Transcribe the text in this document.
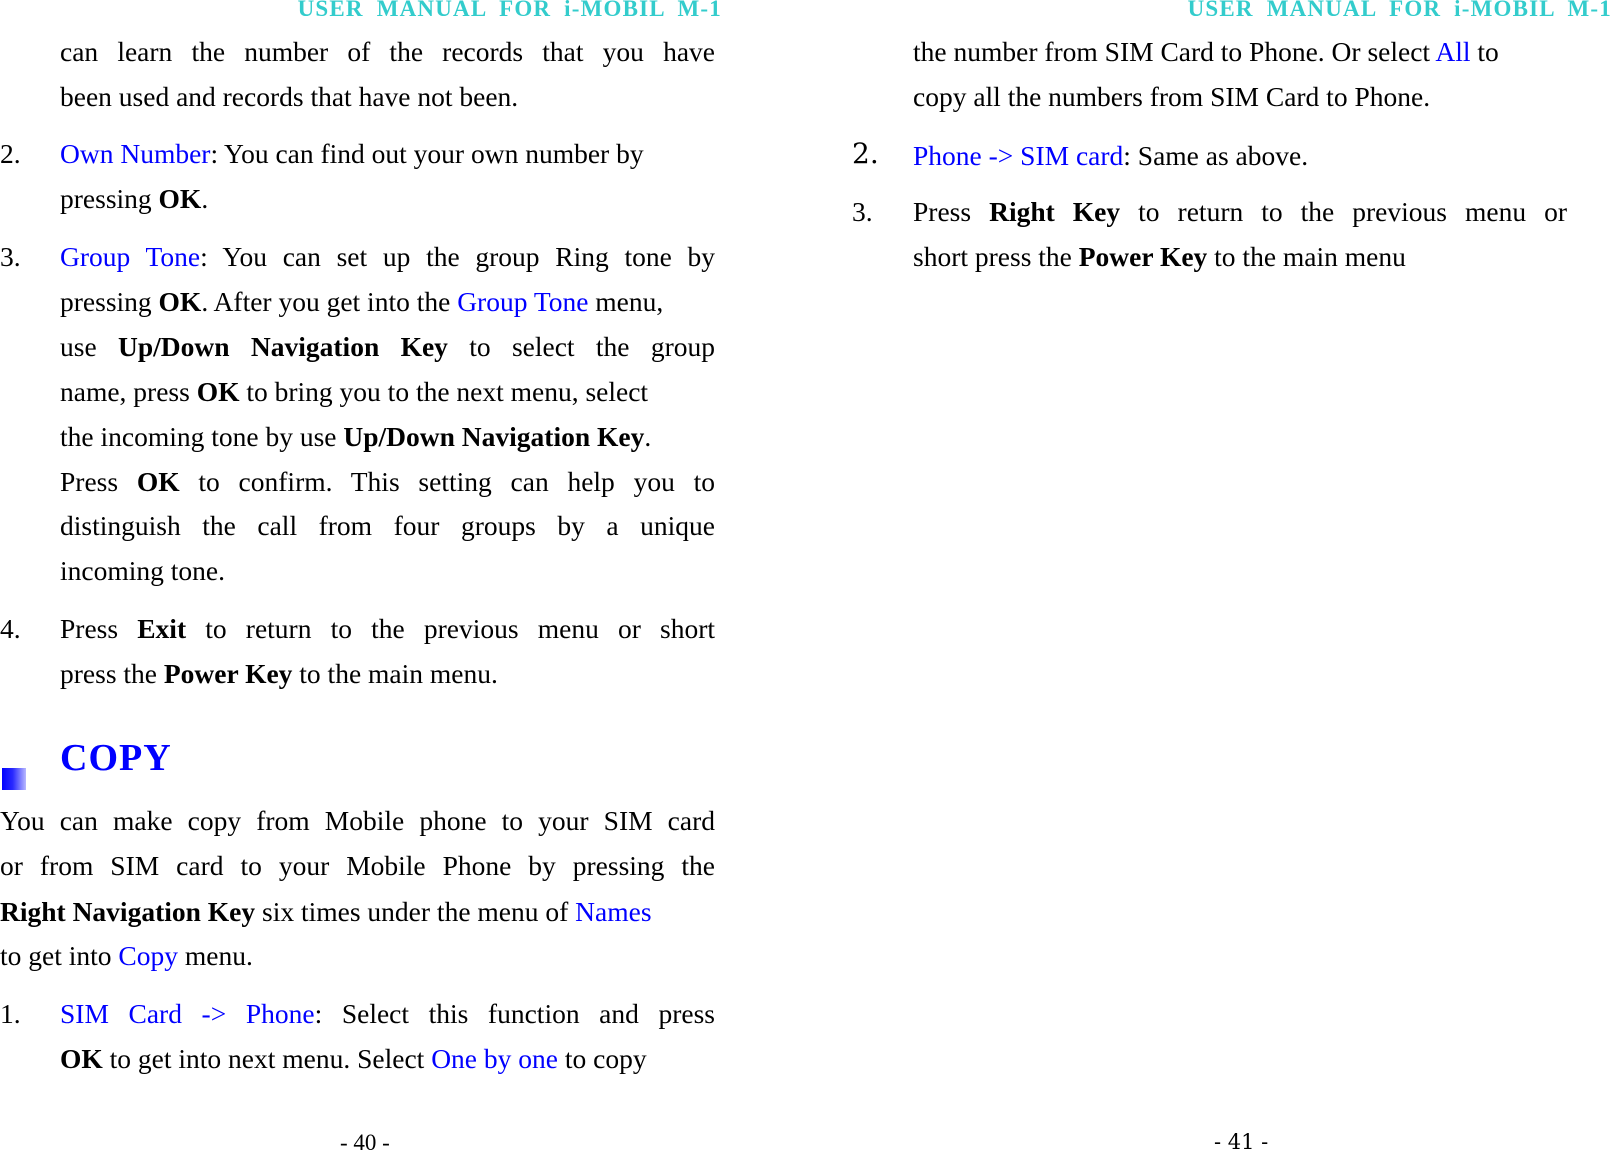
USER MANUAL FOR i-MOBIL M-1
can learn the number of the records that you have
been used and records that have not been.
2. Own Number: You can find out your own number by
pressing OK.
3. Group Tone: You can set up the group Ring tone by
pressing OK. After you get into the Group Tone menu,
use Up/Down Navigation Key to select the group
name, press OK to bring you to the next menu, select
the incoming tone by use Up/Down Navigation Key.
Press OK to confirm. This setting can help you to
distinguish the call from four groups by a unique
incoming tone.
4. Press Exit to return to the previous menu or short
press the Power Key to the main menu.
COPY
You can make copy from Mobile phone to your SIM card
or from SIM card to your Mobile Phone by pressing the
Right Navigation Key six times under the menu of Names
to get into Copy menu.
1. SIM Card -> Phone: Select this function and press
OK to get into next menu. Select One by one to copy
- 40 -
USER MANUAL FOR i-MOBIL M-1
the number from SIM Card to Phone. Or select All to
copy all the numbers from SIM Card to Phone.
2. Phone -> SIM card: Same as above.
3. Press Right Key to return to the previous menu or
short press the Power Key to the main menu
- 41 -
